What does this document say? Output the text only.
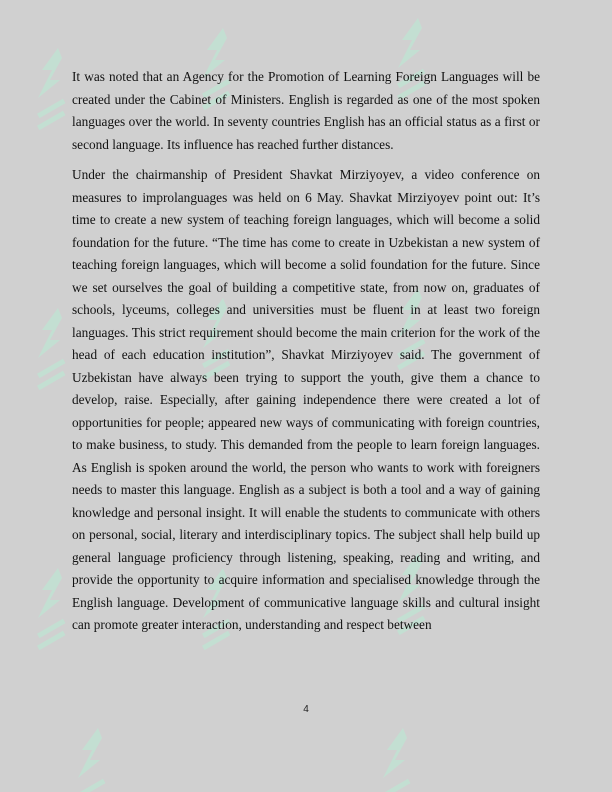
It was noted that an Agency for the Promotion of Learning Foreign Languages will be created under the Cabinet of Ministers. English is regarded as one of the most spoken languages over the world. In seventy countries English has an official status as a first or second language. Its influence has reached further distances.

Under the chairmanship of President Shavkat Mirziyoyev, a video conference on measures to improlanguages was held on 6 May. Shavkat Mirziyoyev point out: It’s time to create a new system of teaching foreign languages, which will become a solid foundation for the future. “The time has come to create in Uzbekistan a new system of teaching foreign languages, which will become a solid foundation for the future. Since we set ourselves the goal of building a competitive state, from now on, graduates of schools, lyceums, colleges and universities must be fluent in at least two foreign languages. This strict requirement should become the main criterion for the work of the head of each education institution”, Shavkat Mirziyoyev said. The government of Uzbekistan have always been trying to support the youth, give them a chance to develop, raise. Especially, after gaining independence there were created a lot of opportunities for people; appeared new ways of communicating with foreign countries, to make business, to study. This demanded from the people to learn foreign languages. As English is spoken around the world, the person who wants to work with foreigners needs to master this language. English as a subject is both a tool and a way of gaining knowledge and personal insight. It will enable the students to communicate with others on personal, social, literary and interdisciplinary topics. The subject shall help build up general language proficiency through listening, speaking, reading and writing, and provide the opportunity to acquire information and specialised knowledge through the English language. Development of communicative language skills and cultural insight can promote greater interaction, understanding and respect between

4
